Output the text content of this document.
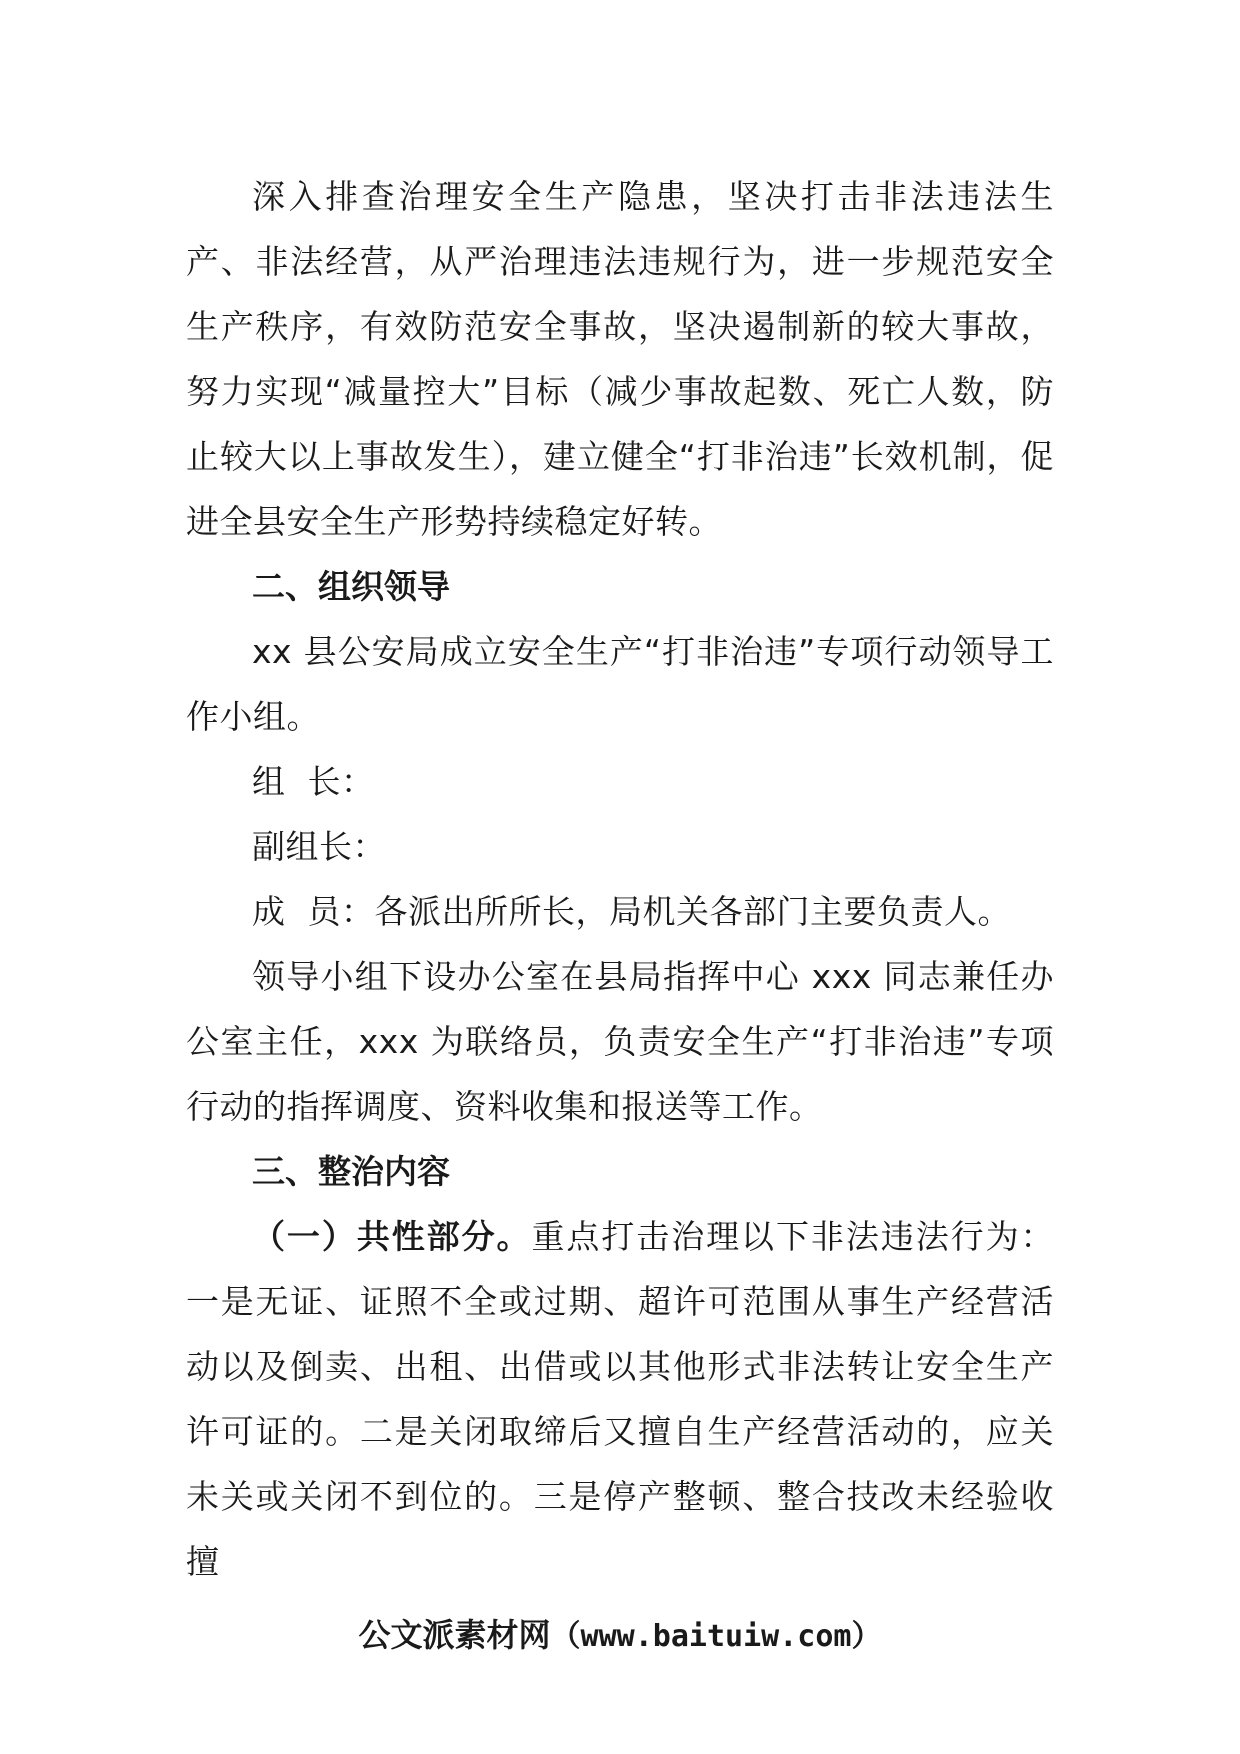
深入排查治理安全生产隐患，坚决打击非法违法生产、非法经营，从严治理违法违规行为，进一步规范安全生产秩序，有效防范安全事故，坚决遏制新的较大事故，努力实现“减量控大”目标（减少事故起数、死亡人数，防止较大以上事故发生），建立健全“打非治违”长效机制，促进全县安全生产形势持续稳定好转。

二、组织领导

xx 县公安局成立安全生产“打非治违”专项行动领导工作小组。

组  长：

副组长：

成  员：各派出所所长，局机关各部门主要负责人。

领导小组下设办公室在县局指挥中心 xxx 同志兼任办公室主任，xxx 为联络员，负责安全生产“打非治违”专项行动的指挥调度、资料收集和报送等工作。

三、整治内容

（一）共性部分。重点打击治理以下非法违法行为：一是无证、证照不全或过期、超许可范围从事生产经营活动以及倒卖、出租、出借或以其他形式非法转让安全生产许可证的。二是关闭取缔后又擅自生产经营活动的，应关未关或关闭不到位的。三是停产整顿、整合技改未经验收擅

公文派素材网（www.baituiw.com）
